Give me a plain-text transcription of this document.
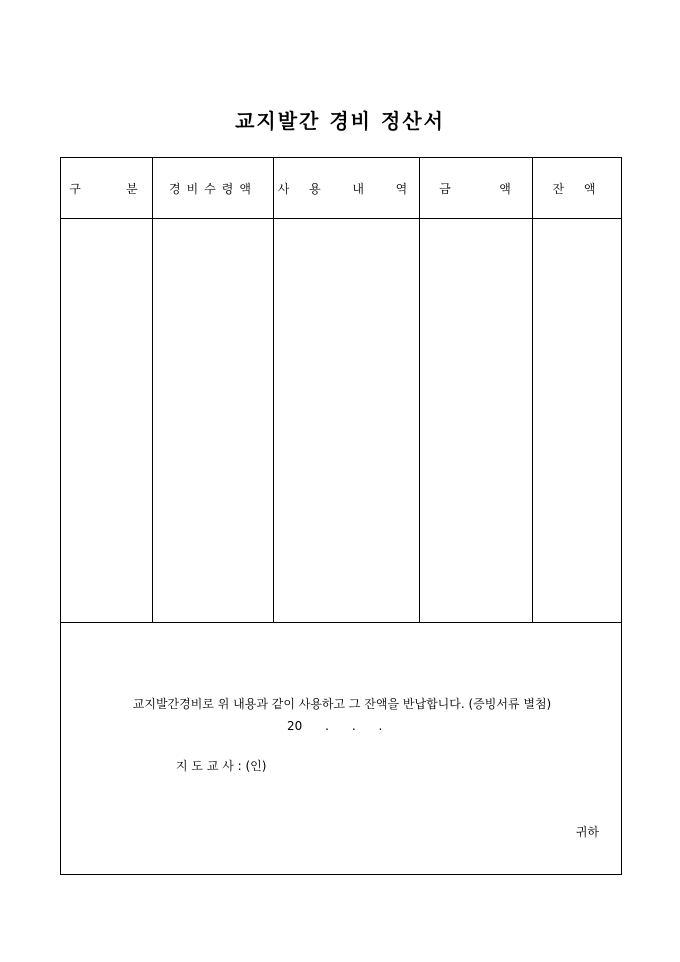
교지발간 경비 정산서
구    분	경비수령액	사 용  내  역	금        액	잔 액
교지발간경비로 위 내용과 같이 사용하고 그 잔액을 반납합니다. (증빙서류 별첨)
20      .      .      .
지 도 교 사 : (인)
귀하
